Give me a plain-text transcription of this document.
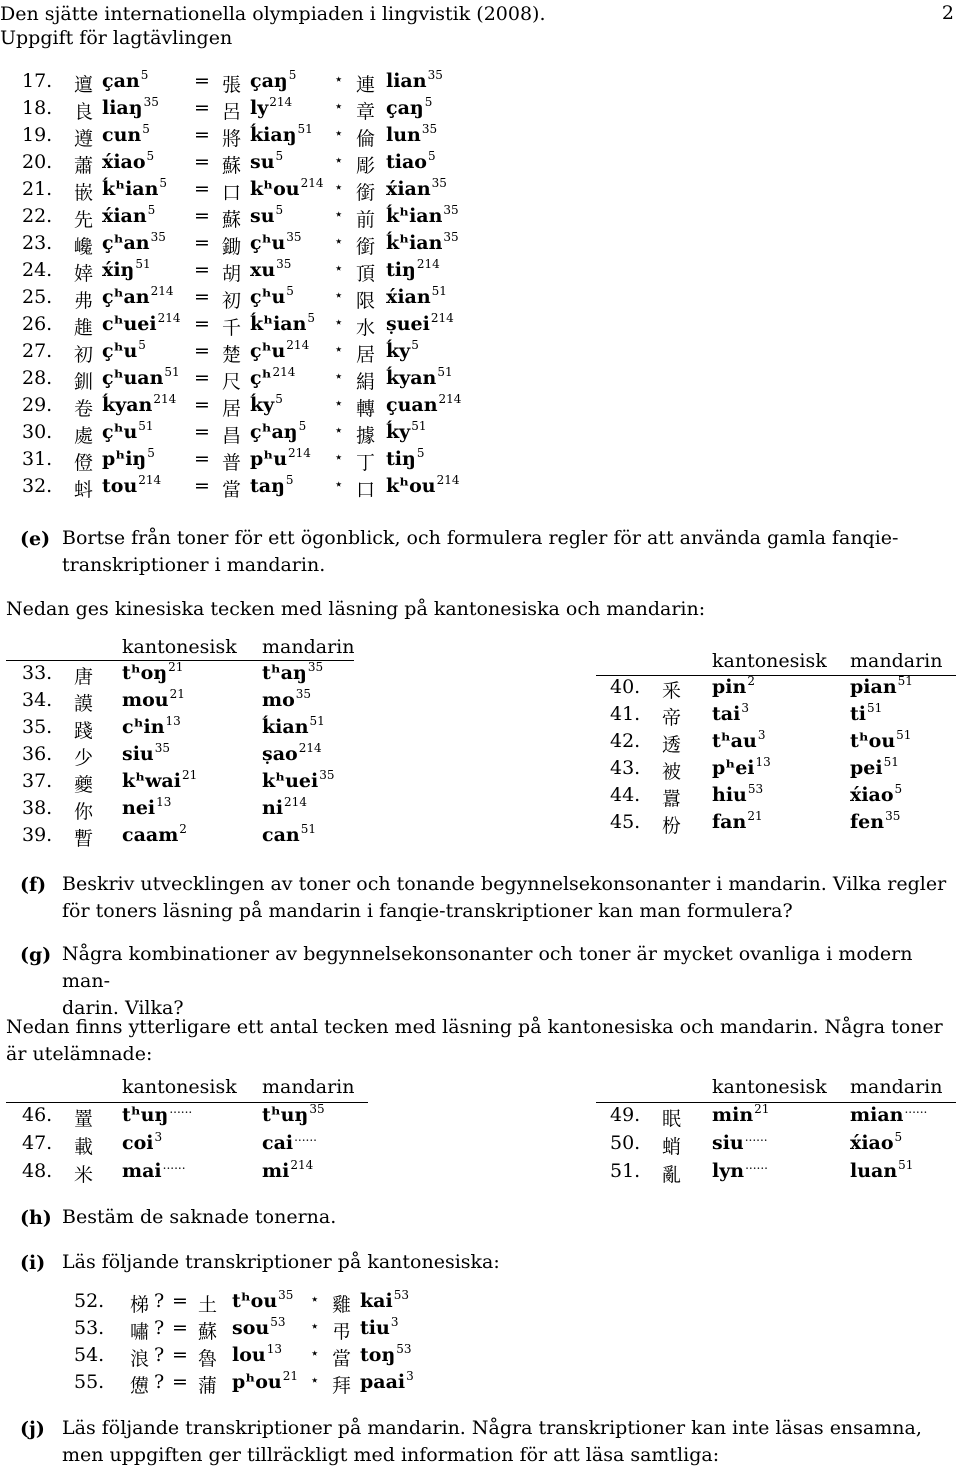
Den sjätte internationella olympiaden i lingvistik (2008).
Uppgift för lagtävlingen
2
17. 邅 çan$^5$ = 張 çaŋ$^5$	⋆ 連 lian$^{35}$
18. 良 liaŋ$^{35}$ = 呂 $ly^{214}$	⋆ 章 çaŋ$^5$
19. 遵 cun$^5$ = 將 ḱiaŋ$^{51}$ ⋆ 倫 lun$^{35}$
20. 蕭 x́iao$^5$ = 蘇 $su^5$	⋆ 彫 tiao$^5$
21. 嵌 ḱʰian$^5$ = 口 kʰou$^{214}$ ⋆ 銜 x́ian$^{35}$
22. 先 x́ian$^5$ = 蘇 $su^5$	⋆ 前 ḱʰian$^{35}$
23. 巉 çʰan$^{35}$ = 鋤 çʰu$^{35}$ ⋆ 銜 ḱʰian$^{35}$
24. 婞 $x́iŋ^{51}$ = 胡 $xu^{35}$	⋆ 頂 tiŋ$^{214}$
25. 弗 çʰan$^{214}$ = 初 çʰu$^5$	⋆ 限 x́ian$^{51}$
26. 趡 cʰuei$^{214}$ = 千 ḱʰian$^5$ ⋆ 水 ṣuei$^{214}$
27. 初 çʰu$^5$	= 楚 çʰu$^{214}$ ⋆ 居 ḱy$^5$
28. 釧 çʰuan$^{51}$ = 尺 çʰ$^{214}$	⋆ 絹 ḱyan$^{51}$
29. 卷 ḱyan$^{214}$ = 居 ḱy$^5$	⋆ 轉 çuan$^{214}$
30. 處 çʰu$^{51}$ = 昌 çʰaŋ$^5$ ⋆ 據 ḱy$^{51}$
31. 僜 pʰiŋ$^5$ = 普 pʰu$^{214}$ ⋆ 丁 tiŋ$^5$
32. 蚪 tou$^{214}$ = 當 taŋ$^5$	⋆ 口 kʰou$^{214}$
(e) Bortse från toner för ett ögonblick, och formulera regler för att använda gamla fanqie-
transkriptioner i mandarin.
Nedan ges kinesiska tecken med läsning på kantonesiska och mandarin:
kantonesisk mandarin
kantonesisk mandarin
33. 唐 tʰoŋ$^{21}$	tʰaŋ$^{35}$
34. 謨 mou$^{21}$	$mo^{35}$
35. 踐 cʰin$^{13}$	ḱian$^{51}$
36. 少 siu$^{35}$	ṣao$^{214}$
37. 夔 kʰwai$^{21}$	kʰuei$^{35}$
38. 你 nei$^{13}$	$ni^{214}$
39. 暫 caam$^2$	can$^{51}$
40. 釆 pin$^2$	pian$^{51}$
41. 帝 tai$^3$	$ti^{51}$
42. 透 tʰau$^3$	tʰou$^{51}$
43. 被 pʰei$^{13}$	pei$^{51}$
44. 囂 hiu$^{53}$	x́iao$^5$
45. 枌 fan$^{21}$	fen$^{35}$
(f) Beskriv utvecklingen av toner och tonande begynnelsekonsonanter i mandarin. Vilka regler
för toners läsning på mandarin i fanqie-transkriptioner kan man formulera?
(g) Några kombinationer av begynnelsekonsonanter och toner är mycket ovanliga i modern man-
darin. Vilka?
Nedan finns ytterligare ett antal tecken med läsning på kantonesiska och mandarin. Några toner
är utelämnade:
kantonesisk mandarin	kantonesisk mandarin
46. 罿 tʰuŋ......	tʰuŋ$^{35}$
47. 載 coi$^3$	cai......
48. 米 mai......	$mi^{214}$
49. 眠 $\min^{21}$	mian......
50. 蛸 siu......	x́iao$^5$
51. 亂 lyn......	luan$^{51}$
(h) Bestäm de saknade tonerna.
(i) Läs följande transkriptioner på kantonesiska:
52. 梯 ? = 土 tʰou$^{35}$ ⋆ 雞 kai$^{53}$
53. 嘯 ? = 蘇 sou$^{53}$ ⋆ 弔 tiu$^3$
54. 浪 ? = 魯 lou$^{13}$ ⋆ 當 toŋ$^{53}$
55. 憊 ? = 蒲 pʰou$^{21}$ ⋆ 拜 paai$^3$
(j) Läs följande transkriptioner på mandarin. Några transkriptioner kan inte läsas ensamna,
men uppgiften ger tillräckligt med information för att läsa samtliga:
